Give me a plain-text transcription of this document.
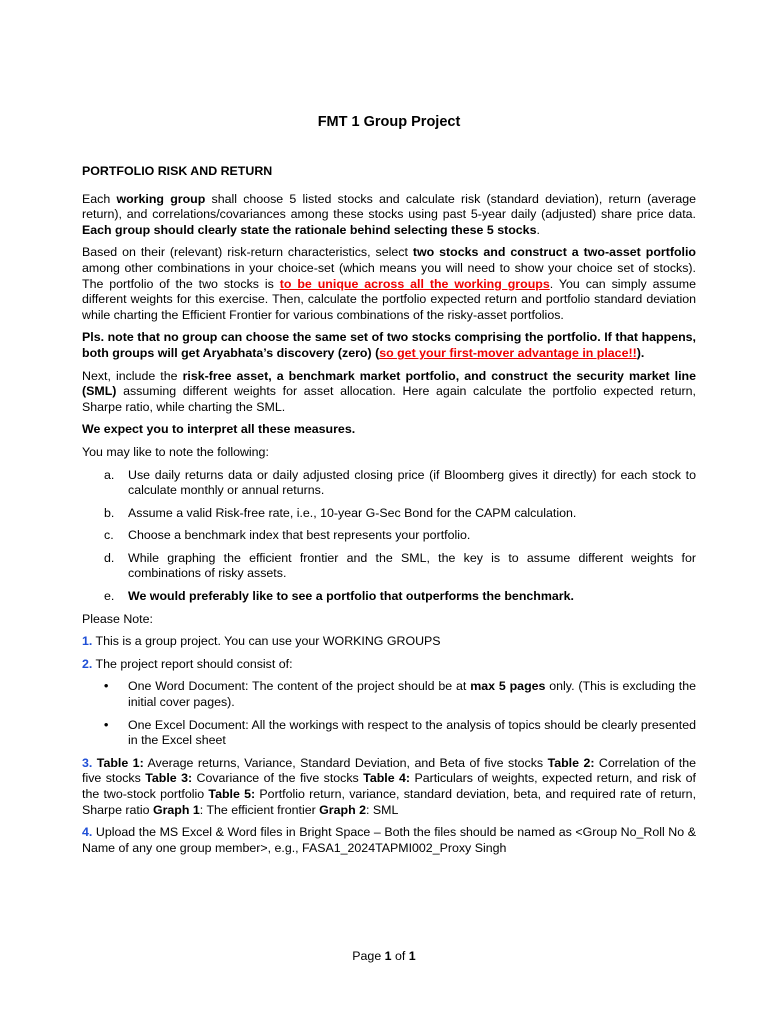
FMT 1 Group Project

PORTFOLIO RISK AND RETURN

Each working group shall choose 5 listed stocks and calculate risk (standard deviation), return (average return), and correlations/covariances among these stocks using past 5-year daily (adjusted) share price data. Each group should clearly state the rationale behind selecting these 5 stocks.

Based on their (relevant) risk-return characteristics, select two stocks and construct a two-asset portfolio among other combinations in your choice-set (which means you will need to show your choice set of stocks). The portfolio of the two stocks is to be unique across all the working groups. You can simply assume different weights for this exercise. Then, calculate the portfolio expected return and portfolio standard deviation while charting the Efficient Frontier for various combinations of the risky-asset portfolios.

Pls. note that no group can choose the same set of two stocks comprising the portfolio. If that happens, both groups will get Aryabhata’s discovery (zero) (so get your first-mover advantage in place!!).

Next, include the risk-free asset, a benchmark market portfolio, and construct the security market line (SML) assuming different weights for asset allocation. Here again calculate the portfolio expected return, Sharpe ratio, while charting the SML.

We expect you to interpret all these measures.

You may like to note the following:

a. Use daily returns data or daily adjusted closing price (if Bloomberg gives it directly) for each stock to calculate monthly or annual returns.
b. Assume a valid Risk-free rate, i.e., 10-year G-Sec Bond for the CAPM calculation.
c. Choose a benchmark index that best represents your portfolio.
d. While graphing the efficient frontier and the SML, the key is to assume different weights for combinations of risky assets.
e. We would preferably like to see a portfolio that outperforms the benchmark.

Please Note:

1. This is a group project. You can use your WORKING GROUPS

2. The project report should consist of:

• One Word Document: The content of the project should be at max 5 pages only. (This is excluding the initial cover pages).
• One Excel Document: All the workings with respect to the analysis of topics should be clearly presented in the Excel sheet

3. Table 1: Average returns, Variance, Standard Deviation, and Beta of five stocks Table 2: Correlation of the five stocks Table 3: Covariance of the five stocks Table 4: Particulars of weights, expected return, and risk of the two-stock portfolio Table 5: Portfolio return, variance, standard deviation, beta, and required rate of return, Sharpe ratio Graph 1: The efficient frontier Graph 2: SML

4. Upload the MS Excel & Word files in Bright Space – Both the files should be named as <Group No_Roll No & Name of any one group member>, e.g., FASA1_2024TAPMI002_Proxy Singh

Page 1 of 1
